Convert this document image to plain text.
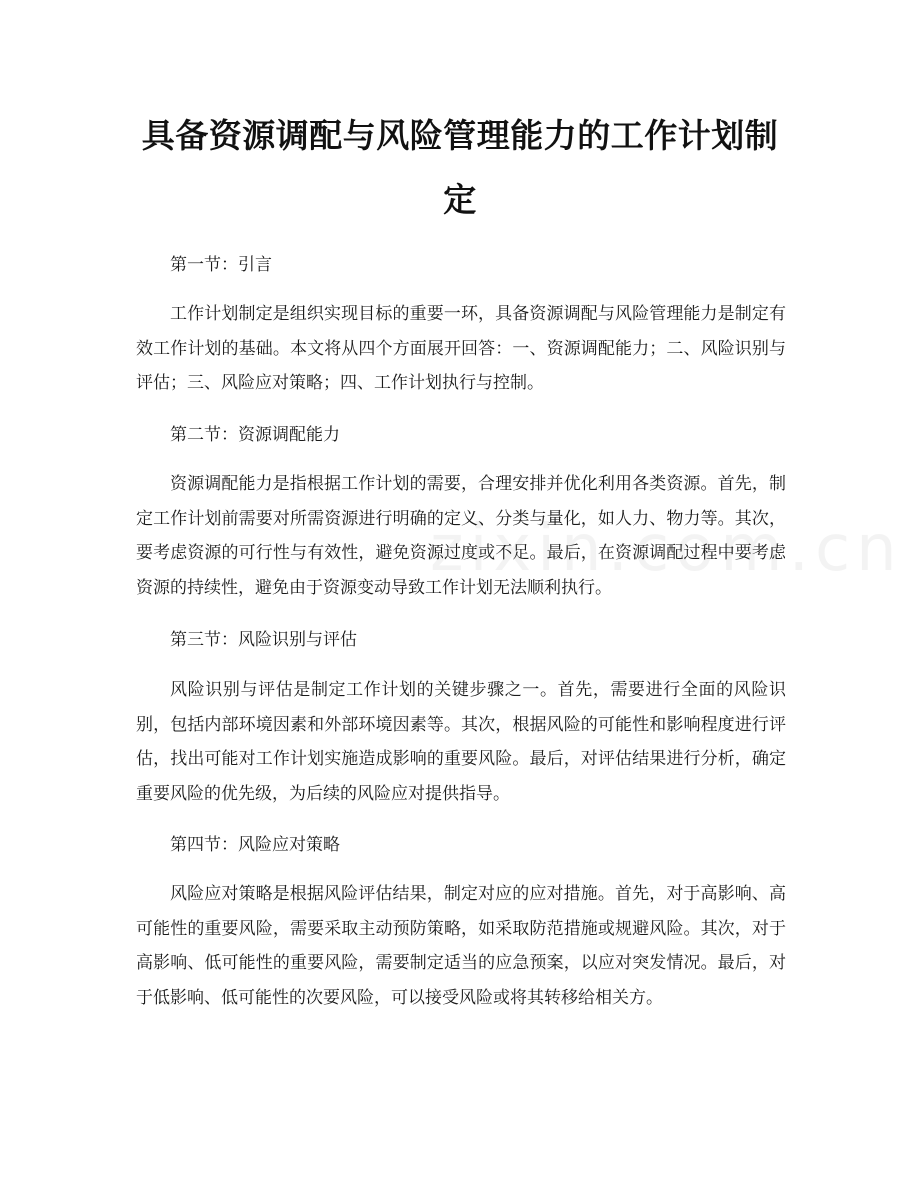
具备资源调配与风险管理能力的工作计划制定

第一节：引言

工作计划制定是组织实现目标的重要一环，具备资源调配与风险管理能力是制定有效工作计划的基础。本文将从四个方面展开回答：一、资源调配能力；二、风险识别与评估；三、风险应对策略；四、工作计划执行与控制。

第二节：资源调配能力

资源调配能力是指根据工作计划的需要，合理安排并优化利用各类资源。首先，制定工作计划前需要对所需资源进行明确的定义、分类与量化，如人力、物力等。其次，要考虑资源的可行性与有效性，避免资源过度或不足。最后，在资源调配过程中要考虑资源的持续性，避免由于资源变动导致工作计划无法顺利执行。

第三节：风险识别与评估

风险识别与评估是制定工作计划的关键步骤之一。首先，需要进行全面的风险识别，包括内部环境因素和外部环境因素等。其次，根据风险的可能性和影响程度进行评估，找出可能对工作计划实施造成影响的重要风险。最后，对评估结果进行分析，确定重要风险的优先级，为后续的风险应对提供指导。

第四节：风险应对策略

风险应对策略是根据风险评估结果，制定对应的应对措施。首先，对于高影响、高可能性的重要风险，需要采取主动预防策略，如采取防范措施或规避风险。其次，对于高影响、低可能性的重要风险，需要制定适当的应急预案，以应对突发情况。最后，对于低影响、低可能性的次要风险，可以接受风险或将其转移给相关方。
